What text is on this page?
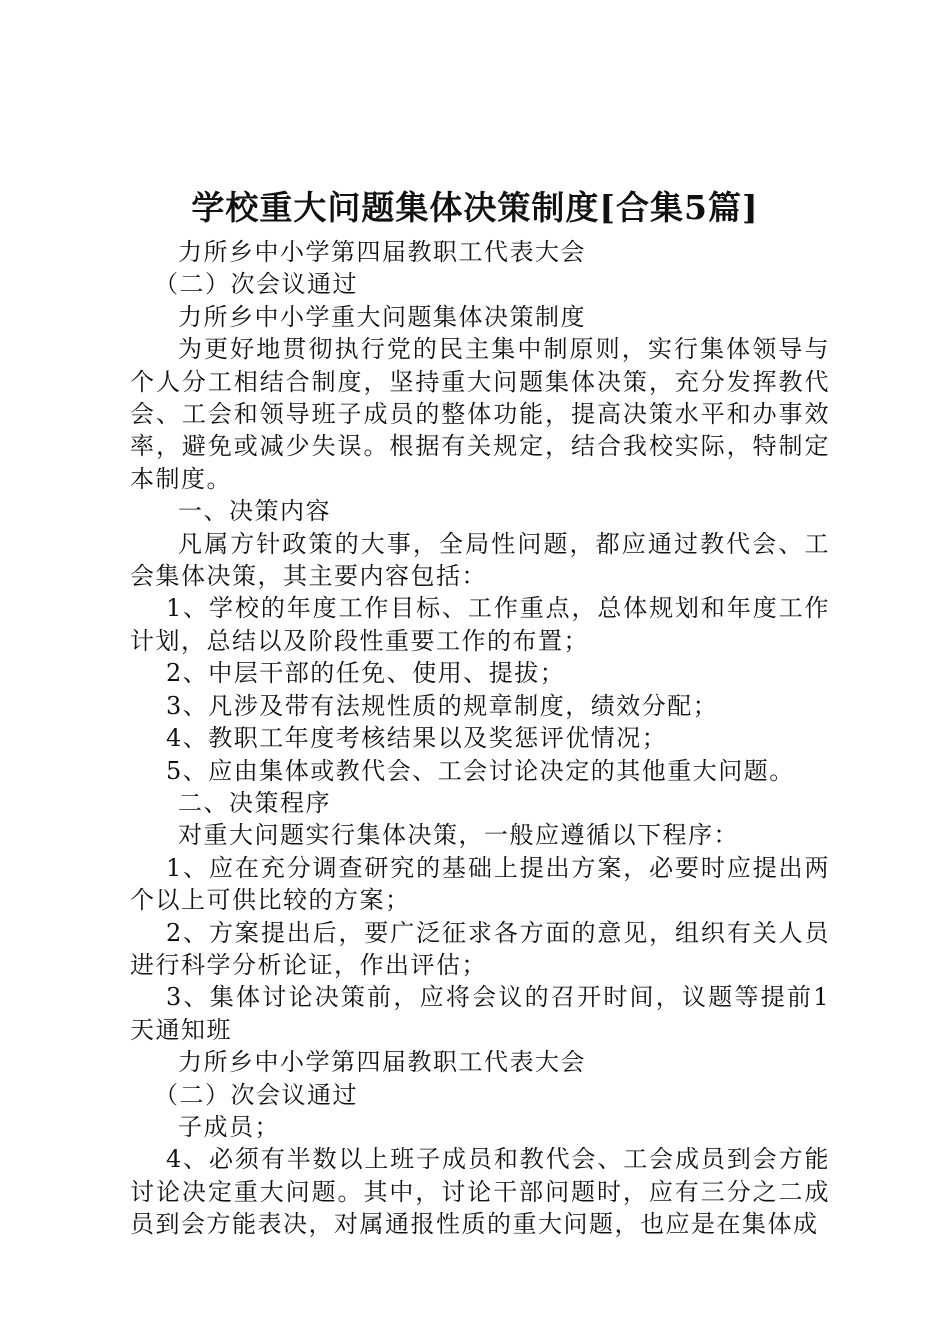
学校重大问题集体决策制度[合集5篇]

力所乡中小学第四届教职工代表大会

（二）次会议通过

力所乡中小学重大问题集体决策制度

为更好地贯彻执行党的民主集中制原则，实行集体领导与个人分工相结合制度，坚持重大问题集体决策，充分发挥教代会、工会和领导班子成员的整体功能，提高决策水平和办事效率，避免或减少失误。根据有关规定，结合我校实际，特制定本制度。

一、决策内容

凡属方针政策的大事，全局性问题，都应通过教代会、工会集体决策，其主要内容包括：

1、学校的年度工作目标、工作重点，总体规划和年度工作计划，总结以及阶段性重要工作的布置；

2、中层干部的任免、使用、提拔；

3、凡涉及带有法规性质的规章制度，绩效分配；

4、教职工年度考核结果以及奖惩评优情况；

5、应由集体或教代会、工会讨论决定的其他重大问题。

二、决策程序

对重大问题实行集体决策，一般应遵循以下程序：

1、应在充分调查研究的基础上提出方案，必要时应提出两个以上可供比较的方案；

2、方案提出后，要广泛征求各方面的意见，组织有关人员进行科学分析论证，作出评估；

3、集体讨论决策前，应将会议的召开时间，议题等提前1天通知班

力所乡中小学第四届教职工代表大会

（二）次会议通过

子成员；

4、必须有半数以上班子成员和教代会、工会成员到会方能讨论决定重大问题。其中，讨论干部问题时，应有三分之二成员到会方能表决，对属通报性质的重大问题，也应是在集体成
